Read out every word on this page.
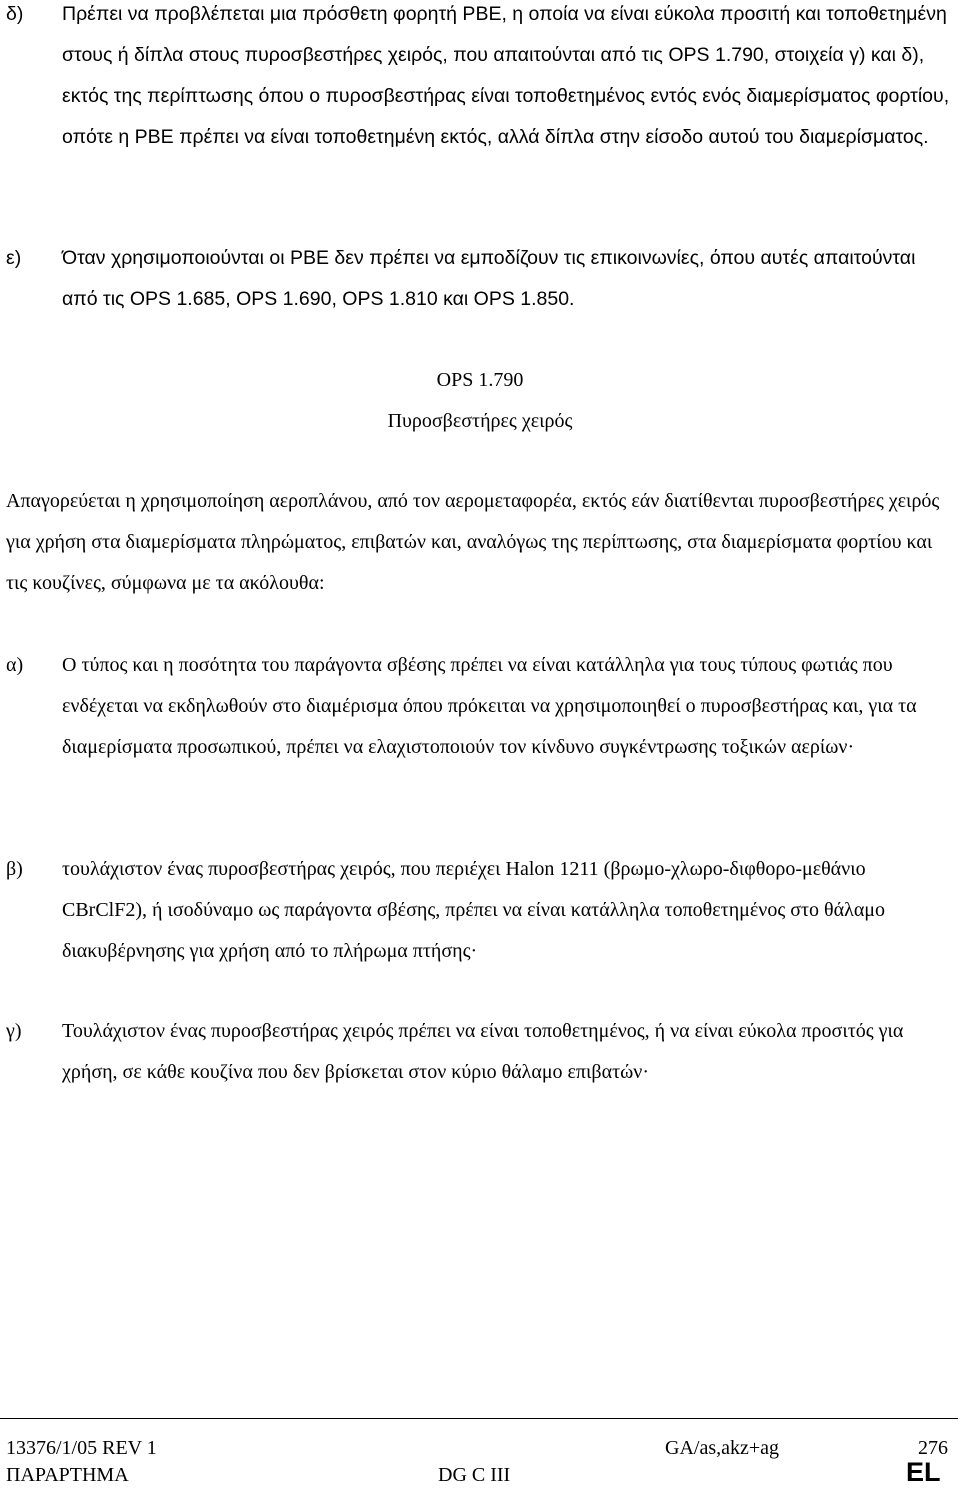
δ) Πρέπει να προβλέπεται μια πρόσθετη φορητή PBE, η οποία να είναι εύκολα προσιτή και τοποθετημένη στους ή δίπλα στους πυροσβεστήρες χειρός, που απαιτούνται από τις OPS 1.790, στοιχεία γ) και δ), εκτός της περίπτωσης όπου ο πυροσβεστήρας είναι τοποθετημένος εντός ενός διαμερίσματος φορτίου, οπότε η PBE πρέπει να είναι τοποθετημένη εκτός, αλλά δίπλα στην είσοδο αυτού του διαμερίσματος.
ε) Όταν χρησιμοποιούνται οι PBE δεν πρέπει να εμποδίζουν τις επικοινωνίες, όπου αυτές απαιτούνται από τις OPS 1.685, OPS 1.690, OPS 1.810 και OPS 1.850.
OPS 1.790
Πυροσβεστήρες χειρός
Απαγορεύεται η χρησιμοποίηση αεροπλάνου, από τον αερομεταφορέα, εκτός εάν διατίθενται πυροσβεστήρες χειρός για χρήση στα διαμερίσματα πληρώματος, επιβατών και, αναλόγως της περίπτωσης, στα διαμερίσματα φορτίου και τις κουζίνες, σύμφωνα με τα ακόλουθα:
α) Ο τύπος και η ποσότητα του παράγοντα σβέσης πρέπει να είναι κατάλληλα για τους τύπους φωτιάς που ενδέχεται να εκδηλωθούν στο διαμέρισμα όπου πρόκειται να χρησιμοποιηθεί ο πυροσβεστήρας και, για τα διαμερίσματα προσωπικού, πρέπει να ελαχιστοποιούν τον κίνδυνο συγκέντρωσης τοξικών αερίων·
β) τουλάχιστον ένας πυροσβεστήρας χειρός, που περιέχει Halon 1211 (βρωμο-χλωρο-διφθορο-μεθάνιο CBrClF2), ή ισοδύναμο ως παράγοντα σβέσης, πρέπει να είναι κατάλληλα τοποθετημένος στο θάλαμο διακυβέρνησης για χρήση από το πλήρωμα πτήσης·
γ) Τουλάχιστον ένας πυροσβεστήρας χειρός πρέπει να είναι τοποθετημένος, ή να είναι εύκολα προσιτός για χρήση, σε κάθε κουζίνα που δεν βρίσκεται στον κύριο θάλαμο επιβατών·
13376/1/05 REV 1	GA/as,akz+ag	276
ΠΑΡΑΡΤΗΜΑ	DG C III	EL
